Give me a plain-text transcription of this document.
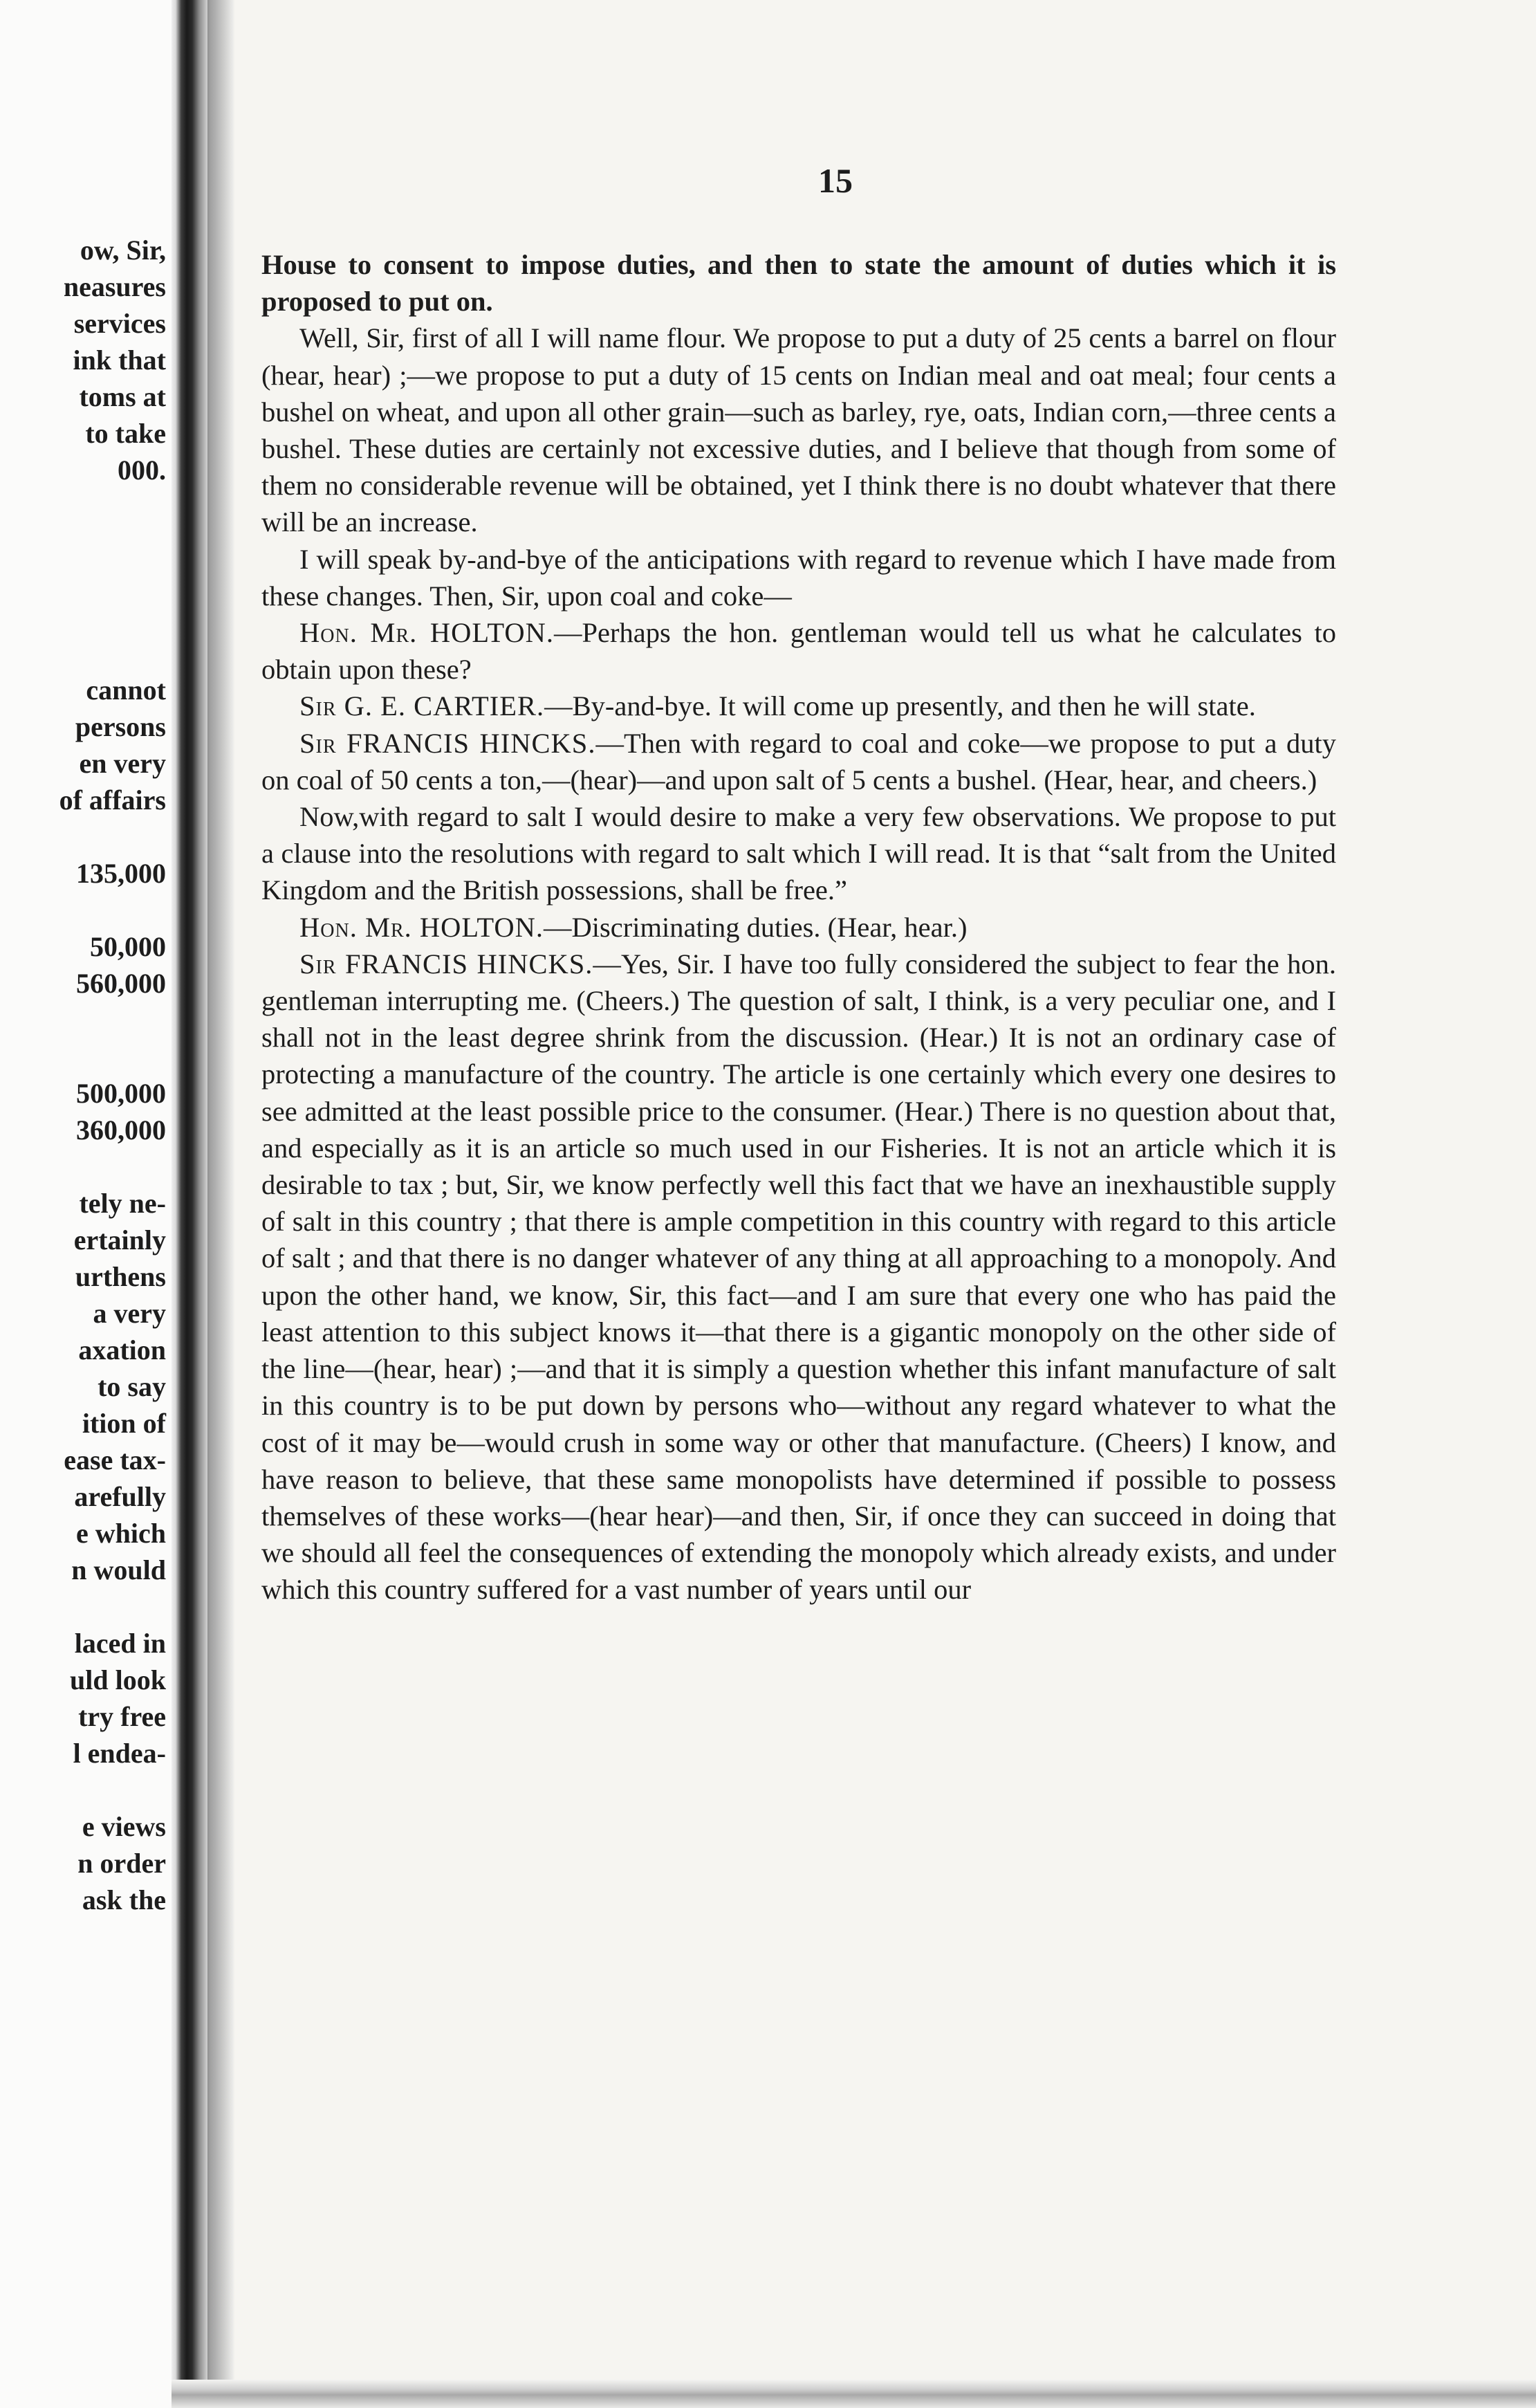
ow, Sir,
neasures
services
ink that
toms at
to take
000.
cannot
persons
en very
of affairs
135,000
50,000
560,000
500,000
360,000
tely ne-
ertainly
urthens
a very
axation
to say
ition of
ease tax-
arefully
e which
n would
laced in
uld look
try free
l endea-
e views
n order
ask the
15

House to consent to impose duties, and then to state the amount of duties which it is proposed to put on.

Well, Sir, first of all I will name flour. We propose to put a duty of 25 cents a barrel on flour (hear, hear) ;—we propose to put a duty of 15 cents on Indian meal and oat meal; four cents a bushel on wheat, and upon all other grain—such as barley, rye, oats, Indian corn,—three cents a bushel. These duties are certainly not excessive duties, and I believe that though from some of them no considerable revenue will be obtained, yet I think there is no doubt whatever that there will be an increase.

I will speak by-and-bye of the anticipations with regard to revenue which I have made from these changes. Then, Sir, upon coal and coke—

Hon. Mr. HOLTON.—Perhaps the hon. gentleman would tell us what he calculates to obtain upon these?

Sir G. E. CARTIER.—By-and-bye. It will come up presently, and then he will state.

Sir FRANCIS HINCKS.—Then with regard to coal and coke—we propose to put a duty on coal of 50 cents a ton,—(hear)—and upon salt of 5 cents a bushel. (Hear, hear, and cheers.)

Now,with regard to salt I would desire to make a very few observations. We propose to put a clause into the resolutions with regard to salt which I will read. It is that “salt from the United Kingdom and the British possessions, shall be free.”

Hon. Mr. HOLTON.—Discriminating duties. (Hear, hear.)

Sir FRANCIS HINCKS.—Yes, Sir. I have too fully considered the subject to fear the hon. gentleman interrupting me. (Cheers.) The question of salt, I think, is a very peculiar one, and I shall not in the least degree shrink from the discussion. (Hear.) It is not an ordinary case of protecting a manufacture of the country. The article is one certainly which every one desires to see admitted at the least possible price to the consumer. (Hear.) There is no question about that, and especially as it is an article so much used in our Fisheries. It is not an article which it is desirable to tax ; but, Sir, we know perfectly well this fact that we have an inexhaustible supply of salt in this country ; that there is ample competition in this country with regard to this article of salt ; and that there is no danger whatever of any thing at all approaching to a monopoly. And upon the other hand, we know, Sir, this fact—and I am sure that every one who has paid the least attention to this subject knows it—that there is a gigantic monopoly on the other side of the line—(hear, hear) ;—and that it is simply a question whether this infant manufacture of salt in this country is to be put down by persons who—without any regard whatever to what the cost of it may be—would crush in some way or other that manufacture. (Cheers) I know, and have reason to believe, that these same monopolists have determined if possible to possess themselves of these works—(hear hear)—and then, Sir, if once they can succeed in doing that we should all feel the consequences of extending the monopoly which already exists, and under which this country suffered for a vast number of years until our
